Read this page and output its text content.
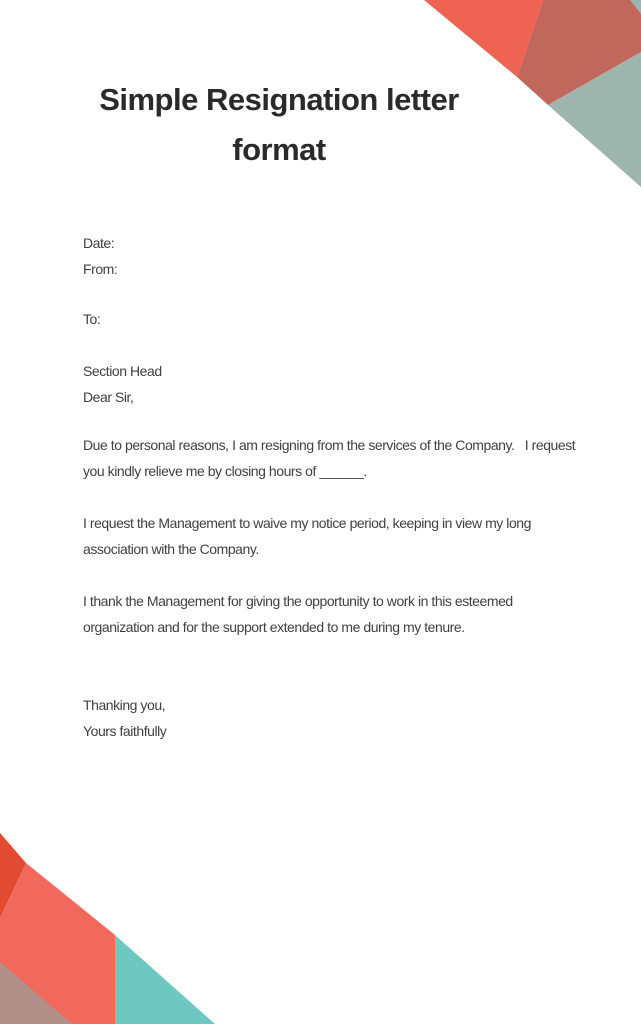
Simple Resignation letter
format
Date:
From:
To:
Section Head
Dear Sir,
Due to personal reasons, I am resigning from the services of the Company.   I request
you kindly relieve me by closing hours of ______.
I request the Management to waive my notice period, keeping in view my long
association with the Company.
I thank the Management for giving the opportunity to work in this esteemed
organization and for the support extended to me during my tenure.
Thanking you,
Yours faithfully
